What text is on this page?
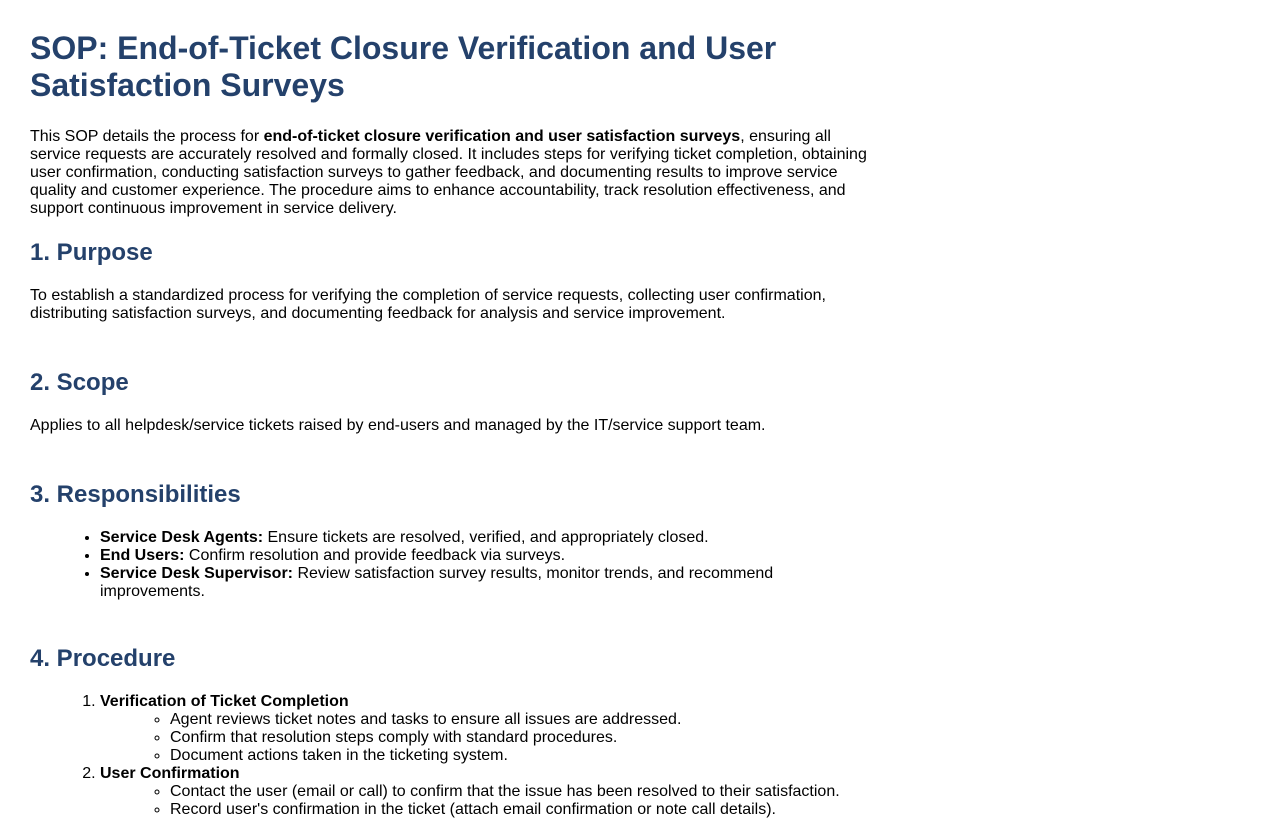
SOP: End-of-Ticket Closure Verification and User Satisfaction Surveys

This SOP details the process for end-of-ticket closure verification and user satisfaction surveys, ensuring all service requests are accurately resolved and formally closed. It includes steps for verifying ticket completion, obtaining user confirmation, conducting satisfaction surveys to gather feedback, and documenting results to improve service quality and customer experience. The procedure aims to enhance accountability, track resolution effectiveness, and support continuous improvement in service delivery.

1. Purpose

To establish a standardized process for verifying the completion of service requests, collecting user confirmation, distributing satisfaction surveys, and documenting feedback for analysis and service improvement.

2. Scope

Applies to all helpdesk/service tickets raised by end-users and managed by the IT/service support team.

3. Responsibilities
• Service Desk Agents: Ensure tickets are resolved, verified, and appropriately closed.
• End Users: Confirm resolution and provide feedback via surveys.
• Service Desk Supervisor: Review satisfaction survey results, monitor trends, and recommend improvements.
4. Procedure
1. Verification of Ticket Completion
◦ Agent reviews ticket notes and tasks to ensure all issues are addressed.
◦ Confirm that resolution steps comply with standard procedures.
◦ Document actions taken in the ticketing system.
2. User Confirmation
◦ Contact the user (email or call) to confirm that the issue has been resolved to their satisfaction.
◦ Record user's confirmation in the ticket (attach email confirmation or note call details).
